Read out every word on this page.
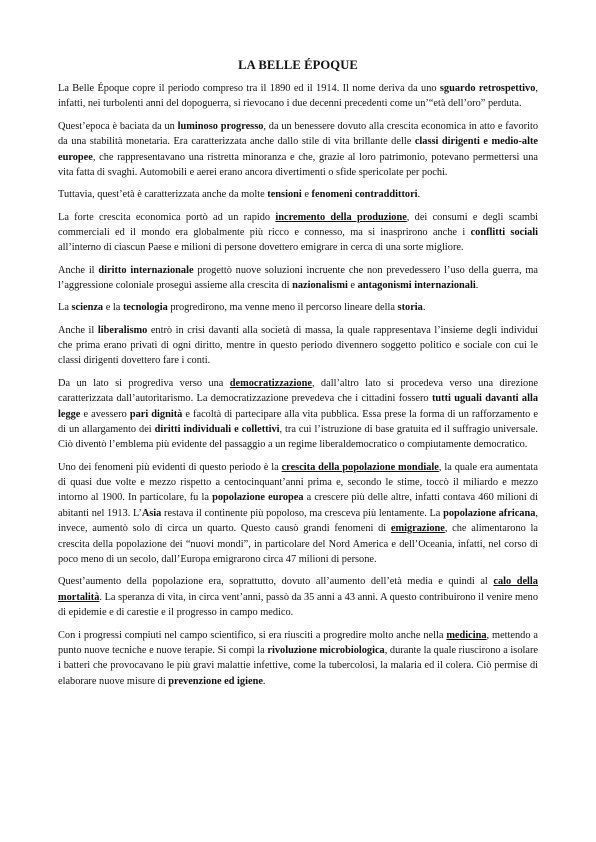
LA BELLE ÉPOQUE

La Belle Époque copre il periodo compreso tra il 1890 ed il 1914. Il nome deriva da uno sguardo retrospettivo, infatti, nei turbolenti anni del dopoguerra, si rievocano i due decenni precedenti come un’“età dell’oro” perduta.

Quest’epoca è baciata da un luminoso progresso, da un benessere dovuto alla crescita economica in atto e favorito da una stabilità monetaria. Era caratterizzata anche dallo stile di vita brillante delle classi dirigenti e medio-alte europee, che rappresentavano una ristretta minoranza e che, grazie al loro patrimonio, potevano permettersi una vita fatta di svaghi. Automobili e aerei erano ancora divertimenti o sfide spericolate per pochi.

Tuttavia, quest’età è caratterizzata anche da molte tensioni e fenomeni contraddittori.

La forte crescita economica portò ad un rapido incremento della produzione, dei consumi e degli scambi commerciali ed il mondo era globalmente più ricco e connesso, ma si inasprirono anche i conflitti sociali all’interno di ciascun Paese e milioni di persone dovettero emigrare in cerca di una sorte migliore.

Anche il diritto internazionale progettò nuove soluzioni incruente che non prevedessero l’uso della guerra, ma l’aggressione coloniale proseguì assieme alla crescita di nazionalismi e antagonismi internazionali.

La scienza e la tecnologia progredirono, ma venne meno il percorso lineare della storia.

Anche il liberalismo entrò in crisi davanti alla società di massa, la quale rappresentava l’insieme degli individui che prima erano privati di ogni diritto, mentre in questo periodo divennero soggetto politico e sociale con cui le classi dirigenti dovettero fare i conti.

Da un lato si progrediva verso una democratizzazione, dall’altro lato si procedeva verso una direzione caratterizzata dall’autoritarismo. La democratizzazione prevedeva che i cittadini fossero tutti uguali davanti alla legge e avessero pari dignità e facoltà di partecipare alla vita pubblica. Essa prese la forma di un rafforzamento e di un allargamento dei diritti individuali e collettivi, tra cui l’istruzione di base gratuita ed il suffragio universale. Ciò diventò l’emblema più evidente del passaggio a un regime liberaldemocratico o compiutamente democratico.

Uno dei fenomeni più evidenti di questo periodo è la crescita della popolazione mondiale, la quale era aumentata di quasi due volte e mezzo rispetto a centocinquant’anni prima e, secondo le stime, toccò il miliardo e mezzo intorno al 1900. In particolare, fu la popolazione europea a crescere più delle altre, infatti contava 460 milioni di abitanti nel 1913. L’Asia restava il continente più popoloso, ma cresceva più lentamente. La popolazione africana, invece, aumentò solo di circa un quarto. Questo causò grandi fenomeni di emigrazione, che alimentarono la crescita della popolazione dei “nuovi mondi”, in particolare del Nord America e dell’Oceania, infatti, nel corso di poco meno di un secolo, dall’Europa emigrarono circa 47 milioni di persone.

Quest’aumento della popolazione era, soprattutto, dovuto all’aumento dell’età media e quindi al calo della mortalità. La speranza di vita, in circa vent’anni, passò da 35 anni a 43 anni. A questo contribuirono il venire meno di epidemie e di carestie e il progresso in campo medico.

Con i progressi compiuti nel campo scientifico, si era riusciti a progredire molto anche nella medicina, mettendo a punto nuove tecniche e nuove terapie. Si compì la rivoluzione microbiologica, durante la quale riuscirono a isolare i batteri che provocavano le più gravi malattie infettive, come la tubercolosi, la malaria ed il colera. Ciò permise di elaborare nuove misure di prevenzione ed igiene.
